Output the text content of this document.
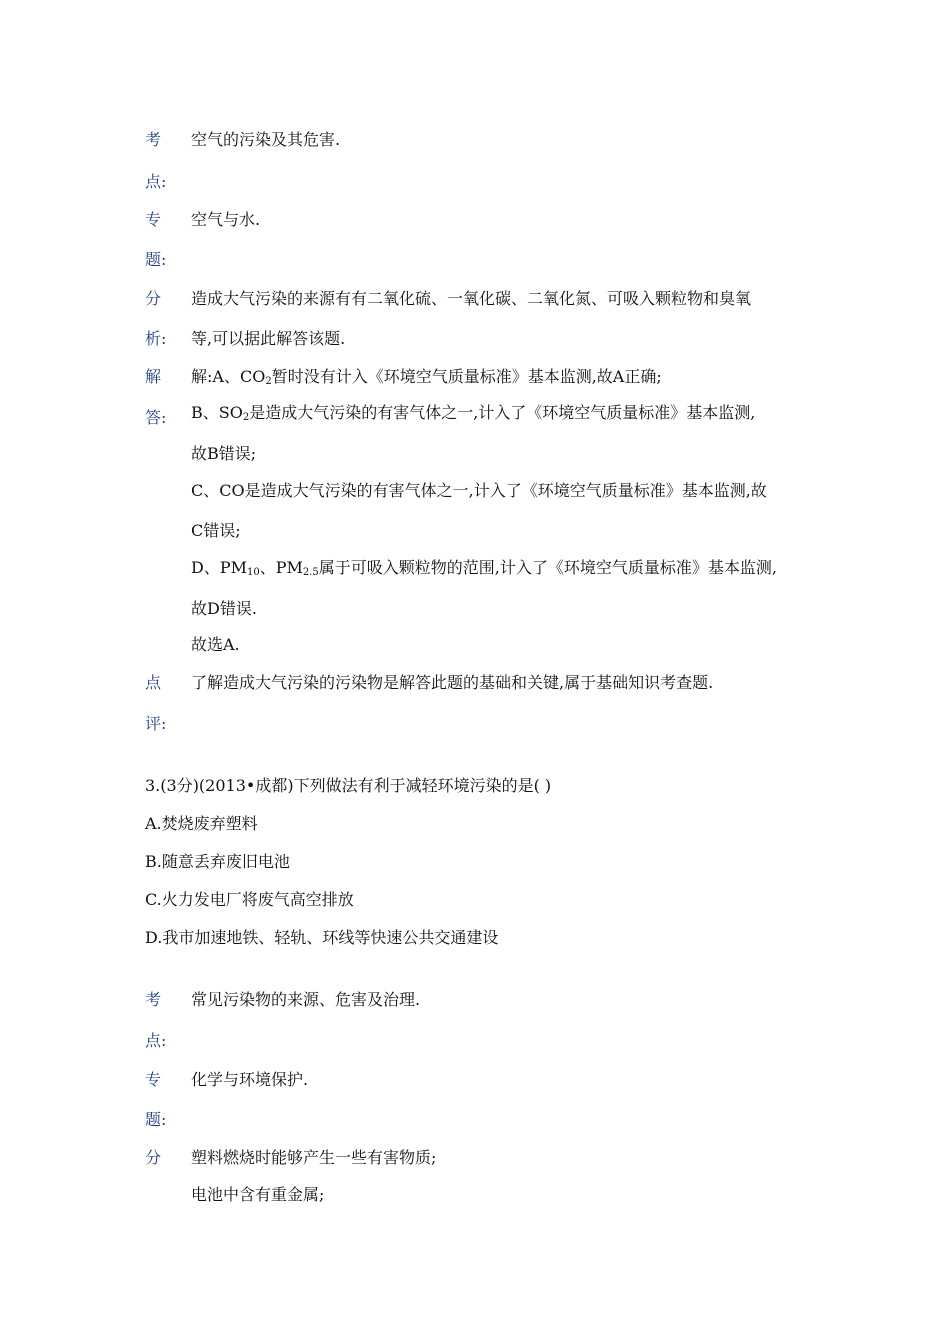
考 空气的污染及其危害.
点:
专 空气与水.
题:
分 造成大气污染的来源有有二氧化硫、一氧化碳、二氧化氮、可吸入颗粒物和臭氧
析: 等,可以据此解答该题.
解 解:A、$CO_2$暂时没有计入《环境空气质量标准》基本监测,故A正确;
答: B、$SO_2$是造成大气污染的有害气体之一,计入了《环境空气质量标准》基本监测,
故B错误;
C、CO是造成大气污染的有害气体之一,计入了《环境空气质量标准》基本监测,故
C错误;
D、$PM_{10}$、$PM_{2.5}$属于可吸入颗粒物的范围,计入了《环境空气质量标准》基本监测,
故D错误.
故选A.
点 了解造成大气污染的污染物是解答此题的基础和关键,属于基础知识考查题.
评:
3.(3分)(2013•成都)下列做法有利于减轻环境污染的是( )
A.焚烧废弃塑料
B.随意丢弃废旧电池
C.火力发电厂将废气高空排放
D.我市加速地铁、轻轨、环线等快速公共交通建设
考 常见污染物的来源、危害及治理.
点:
专 化学与环境保护.
题:
分 塑料燃烧时能够产生一些有害物质;
电池中含有重金属;
